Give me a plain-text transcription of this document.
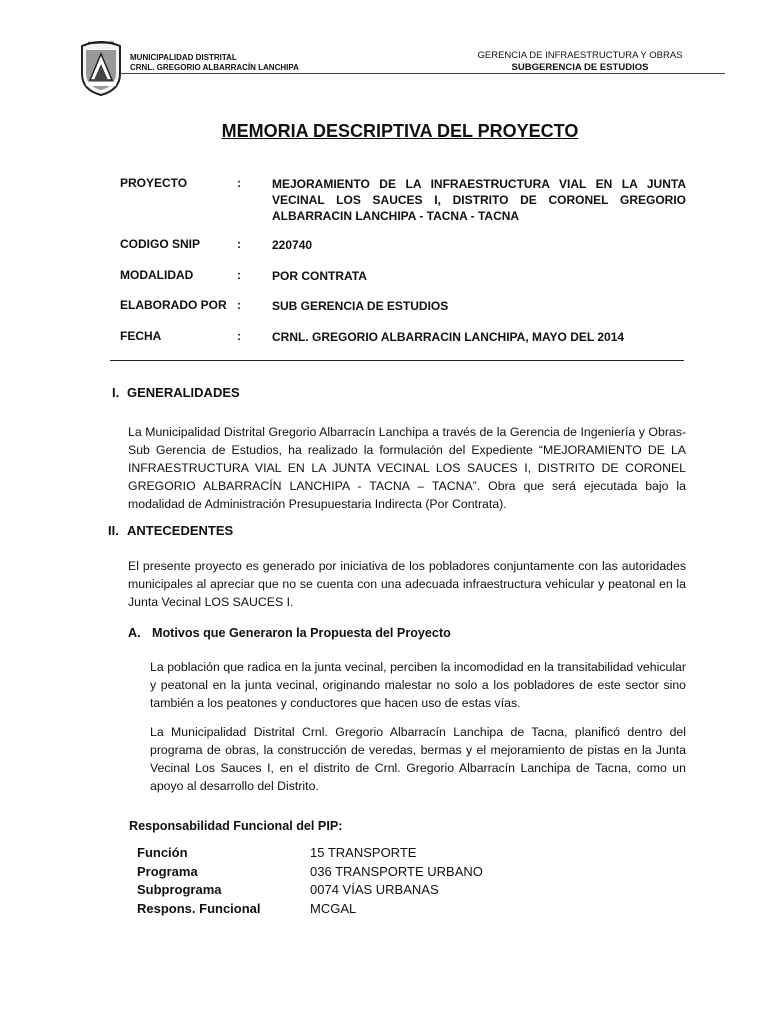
ALBARRACÍN
MUNICIPALIDAD DISTRITAL
CRNL. GREGORIO ALBARRACÍN LANCHIPA
GERENCIA DE INFRAESTRUCTURA Y OBRAS
SUBGERENCIA DE ESTUDIOS
MEMORIA DESCRIPTIVA DEL PROYECTO
PROYECTO	:	MEJORAMIENTO DE LA INFRAESTRUCTURA VIAL EN LA JUNTA VECINAL LOS SAUCES I, DISTRITO DE CORONEL GREGORIO ALBARRACIN LANCHIPA - TACNA - TACNA
CODIGO SNIP	:	220740
MODALIDAD	:	POR CONTRATA
ELABORADO POR :	SUB GERENCIA DE ESTUDIOS
FECHA	:	CRNL. GREGORIO ALBARRACIN LANCHIPA, MAYO DEL 2014
I. GENERALIDADES
La Municipalidad Distrital Gregorio Albarracín Lanchipa a través de la Gerencia de Ingeniería y Obras-Sub Gerencia de Estudios, ha realizado la formulación del Expediente “MEJORAMIENTO DE LA INFRAESTRUCTURA VIAL EN LA JUNTA VECINAL LOS SAUCES I, DISTRITO DE CORONEL GREGORIO ALBARRACÍN LANCHIPA - TACNA – TACNA”. Obra que será ejecutada bajo la modalidad de Administración Presupuestaria Indirecta (Por Contrata).
II. ANTECEDENTES
El presente proyecto es generado por iniciativa de los pobladores conjuntamente con las autoridades municipales al apreciar que no se cuenta con una adecuada infraestructura vehicular y peatonal en la Junta Vecinal LOS SAUCES I.
A. Motivos que Generaron la Propuesta del Proyecto
La población que radica en la junta vecinal, perciben la incomodidad en la transitabilidad vehicular y peatonal en la junta vecinal, originando malestar no solo a los pobladores de este sector sino también a los peatones y conductores que hacen uso de estas vías.
La Municipalidad Distrital Crnl. Gregorio Albarracín Lanchipa de Tacna, planificó dentro del programa de obras, la construcción de veredas, bermas y el mejoramiento de pistas en la Junta Vecinal Los Sauces I, en el distrito de Crnl. Gregorio Albarracín Lanchipa de Tacna, como un apoyo al desarrollo del Distrito.
Responsabilidad Funcional del PIP:
Función	15 TRANSPORTE
Programa	036 TRANSPORTE URBANO
Subprograma	0074 VÍAS URBANAS
Respons. Funcional	MCGAL
